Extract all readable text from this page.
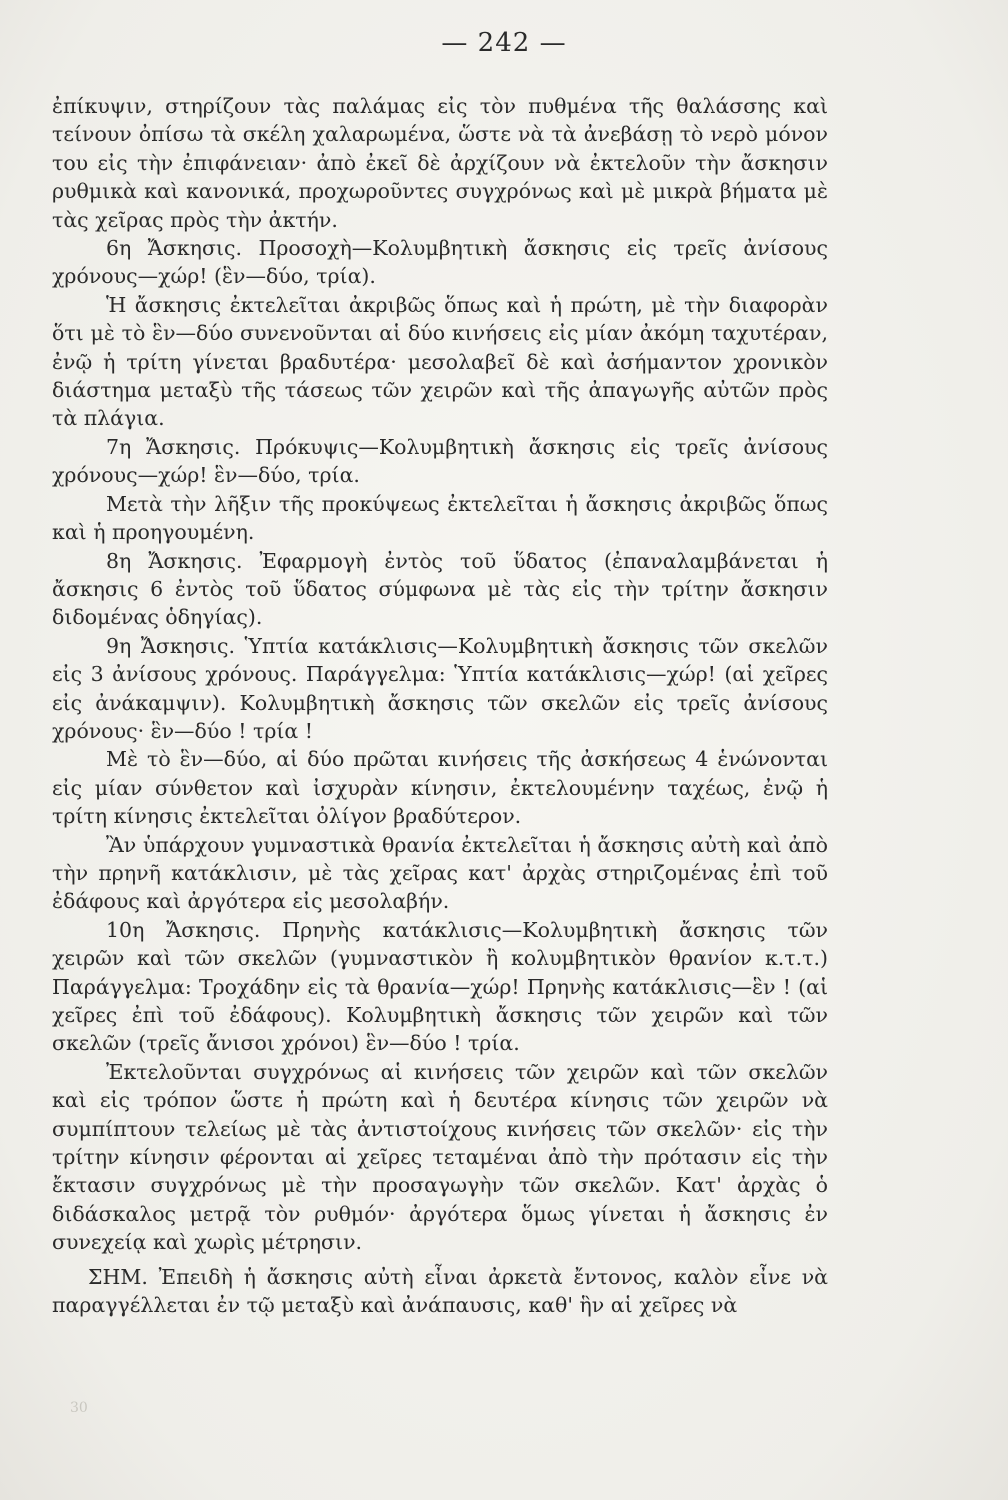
— 242 —

ἐπίκυψιν, στηρίζουν τὰς παλάμας εἰς τὸν πυθμένα τῆς θαλάσσης καὶ τείνουν ὀπίσω τὰ σκέλη χαλαρωμένα, ὥστε νὰ τὰ ἀνεβάσῃ τὸ νερὸ μόνον του εἰς τὴν ἐπιφάνειαν· ἀπὸ ἐκεῖ δὲ ἀρχίζουν νὰ ἐκτελοῦν τὴν ἄσκησιν ρυθμικὰ καὶ κανονικά, προχωροῦντες συγχρόνως καὶ μὲ μικρὰ βήματα μὲ τὰς χεῖρας πρὸς τὴν ἀκτήν.

6η Ἄσκησις. Προσοχὴ—Κολυμβητικὴ ἄσκησις εἰς τρεῖς ἀνίσους χρόνους—χώρ! (ἓν—δύο, τρία).

Ἡ ἄσκησις ἐκτελεῖται ἀκριβῶς ὅπως καὶ ἡ πρώτη, μὲ τὴν διαφορὰν ὅτι μὲ τὸ ἓν—δύο συνενοῦνται αἱ δύο κινήσεις εἰς μίαν ἀκόμη ταχυτέραν, ἐνῷ ἡ τρίτη γίνεται βραδυτέρα· μεσολαβεῖ δὲ καὶ ἀσήμαντον χρονικὸν διάστημα μεταξὺ τῆς τάσεως τῶν χειρῶν καὶ τῆς ἀπαγωγῆς αὐτῶν πρὸς τὰ πλάγια.

7η Ἄσκησις. Πρόκυψις—Κολυμβητικὴ ἄσκησις εἰς τρεῖς ἀνίσους χρόνους—χώρ! ἓν—δύο, τρία.

Μετὰ τὴν λῆξιν τῆς προκύψεως ἐκτελεῖται ἡ ἄσκησις ἀκριβῶς ὅπως καὶ ἡ προηγουμένη.

8η Ἄσκησις. Ἐφαρμογὴ ἐντὸς τοῦ ὕδατος (ἐπαναλαμβάνεται ἡ ἄσκησις 6 ἐντὸς τοῦ ὕδατος σύμφωνα μὲ τὰς εἰς τὴν τρίτην ἄσκησιν διδομένας ὁδηγίας).

9η Ἄσκησις. Ὑπτία κατάκλισις—Κολυμβητικὴ ἄσκησις τῶν σκελῶν εἰς 3 ἀνίσους χρόνους. Παράγγελμα: Ὑπτία κατάκλισις—χώρ! (αἱ χεῖρες εἰς ἀνάκαμψιν). Κολυμβητικὴ ἄσκησις τῶν σκελῶν εἰς τρεῖς ἀνίσους χρόνους· ἓν—δύο ! τρία !

Μὲ τὸ ἓν—δύο, αἱ δύο πρῶται κινήσεις τῆς ἀσκήσεως 4 ἑνώνονται εἰς μίαν σύνθετον καὶ ἰσχυρὰν κίνησιν, ἐκτελουμένην ταχέως, ἐνῷ ἡ τρίτη κίνησις ἐκτελεῖται ὀλίγον βραδύτερον.

Ἂν ὑπάρχουν γυμναστικὰ θρανία ἐκτελεῖται ἡ ἄσκησις αὐτὴ καὶ ἀπὸ τὴν πρηνῆ κατάκλισιν, μὲ τὰς χεῖρας κατ' ἀρχὰς στηριζομένας ἐπὶ τοῦ ἐδάφους καὶ ἀργότερα εἰς μεσολαβήν.

10η Ἄσκησις. Πρηνὴς κατάκλισις—Κολυμβητικὴ ἄσκησις τῶν χειρῶν καὶ τῶν σκελῶν (γυμναστικὸν ἢ κολυμβητικὸν θρανίον κ.τ.τ.) Παράγγελμα: Τροχάδην εἰς τὰ θρανία—χώρ! Πρηνὴς κατάκλισις—ἓν ! (αἱ χεῖρες ἐπὶ τοῦ ἐδάφους). Κολυμβητικὴ ἄσκησις τῶν χειρῶν καὶ τῶν σκελῶν (τρεῖς ἄνισοι χρόνοι) ἓν—δύο ! τρία.

Ἐκτελοῦνται συγχρόνως αἱ κινήσεις τῶν χειρῶν καὶ τῶν σκελῶν καὶ εἰς τρόπον ὥστε ἡ πρώτη καὶ ἡ δευτέρα κίνησις τῶν χειρῶν νὰ συμπίπτουν τελείως μὲ τὰς ἀντιστοίχους κινήσεις τῶν σκελῶν· εἰς τὴν τρίτην κίνησιν φέρονται αἱ χεῖρες τεταμέναι ἀπὸ τὴν πρότασιν εἰς τὴν ἔκτασιν συγχρόνως μὲ τὴν προσαγωγὴν τῶν σκελῶν. Κατ' ἀρχὰς ὁ διδάσκαλος μετρᾷ τὸν ρυθμόν· ἀργότερα ὅμως γίνεται ἡ ἄσκησις ἐν συνεχείᾳ καὶ χωρὶς μέτρησιν.

ΣΗΜ. Ἐπειδὴ ἡ ἄσκησις αὐτὴ εἶναι ἀρκετὰ ἔντονος, καλὸν εἶνε νὰ παραγγέλλεται ἐν τῷ μεταξὺ καὶ ἀνάπαυσις, καθ' ἣν αἱ χεῖρες νὰ

30
